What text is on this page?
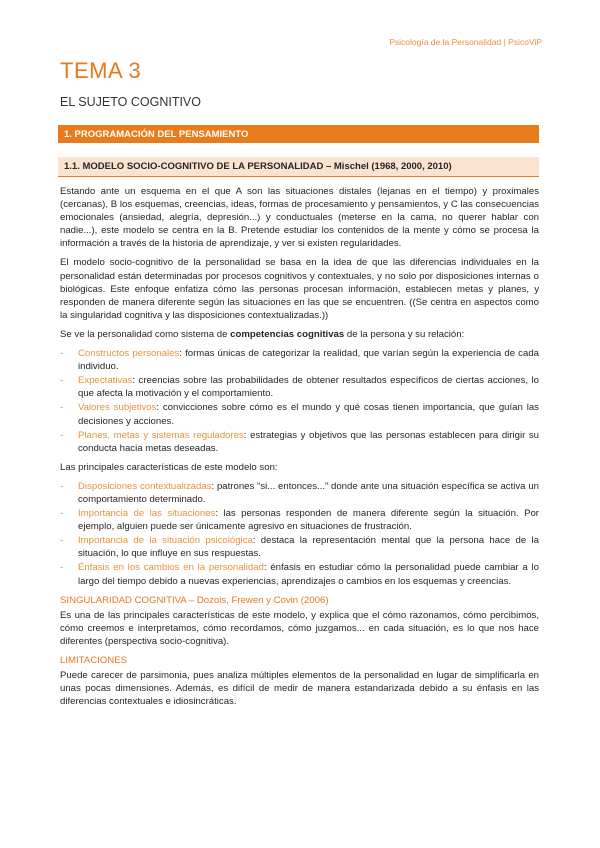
Psicología de la Personalidad | PsicoViP
TEMA 3
EL SUJETO COGNITIVO
1. PROGRAMACIÓN DEL PENSAMIENTO
1.1. MODELO SOCIO-COGNITIVO DE LA PERSONALIDAD – Mischel (1968, 2000, 2010)

Estando ante un esquema en el que A son las situaciones distales (lejanas en el tiempo) y proximales (cercanas), B los esquemas, creencias, ideas, formas de procesamiento y pensamientos, y C las consecuencias emocionales (ansiedad, alegría, depresión...) y conductuales (meterse en la cama, no querer hablar con nadie...), este modelo se centra en la B. Pretende estudiar los contenidos de la mente y cómo se procesa la información a través de la historia de aprendizaje, y ver si existen regularidades.

El modelo socio-cognitivo de la personalidad se basa en la idea de que las diferencias individuales en la personalidad están determinadas por procesos cognitivos y contextuales, y no solo por disposiciones internas o biológicas. Este enfoque enfatiza cómo las personas procesan información, establecen metas y planes, y responden de manera diferente según las situaciones en las que se encuentren. ((Se centra en aspectos como la singularidad cognitiva y las disposiciones contextualizadas.))

Se ve la personalidad como sistema de competencias cognitivas de la persona y su relación:

- Constructos personales: formas únicas de categorizar la realidad, que varían según la experiencia de cada individuo.
- Expectativas: creencias sobre las probabilidades de obtener resultados específicos de ciertas acciones, lo que afecta la motivación y el comportamiento.
- Valores subjetivos: convicciones sobre cómo es el mundo y qué cosas tienen importancia, que guían las decisiones y acciones.
- Planes, metas y sistemas reguladores: estrategias y objetivos que las personas establecen para dirigir su conducta hacia metas deseadas.

Las principales características de este modelo son:

- Disposiciones contextualizadas: patrones “si... entonces...” donde ante una situación específica se activa un comportamiento determinado.
- Importancia de las situaciones: las personas responden de manera diferente según la situación. Por ejemplo, alguien puede ser únicamente agresivo en situaciones de frustración.
- Importancia de la situación psicológica: destaca la representación mental que la persona hace de la situación, lo que influye en sus respuestas.
- Énfasis en los cambios en la personalidad: énfasis en estudiar cómo la personalidad puede cambiar a lo largo del tiempo debido a nuevas experiencias, aprendizajes o cambios en los esquemas y creencias.
SINGULARIDAD COGNITIVA – Dozois, Frewen y Covin (2006)

Es una de las principales características de este modelo, y explica que el cómo razonamos, cómo percibimos, cómo creemos e interpretamos, cómo recordamos, cómo juzgamos... en cada situación, es lo que nos hace diferentes (perspectiva socio-cognitiva).

LIMITACIONES

Puede carecer de parsimonia, pues analiza múltiples elementos de la personalidad en lugar de simplificarla en unas pocas dimensiones. Además, es difícil de medir de manera estandarizada debido a su énfasis en las diferencias contextuales e idiosincráticas.
